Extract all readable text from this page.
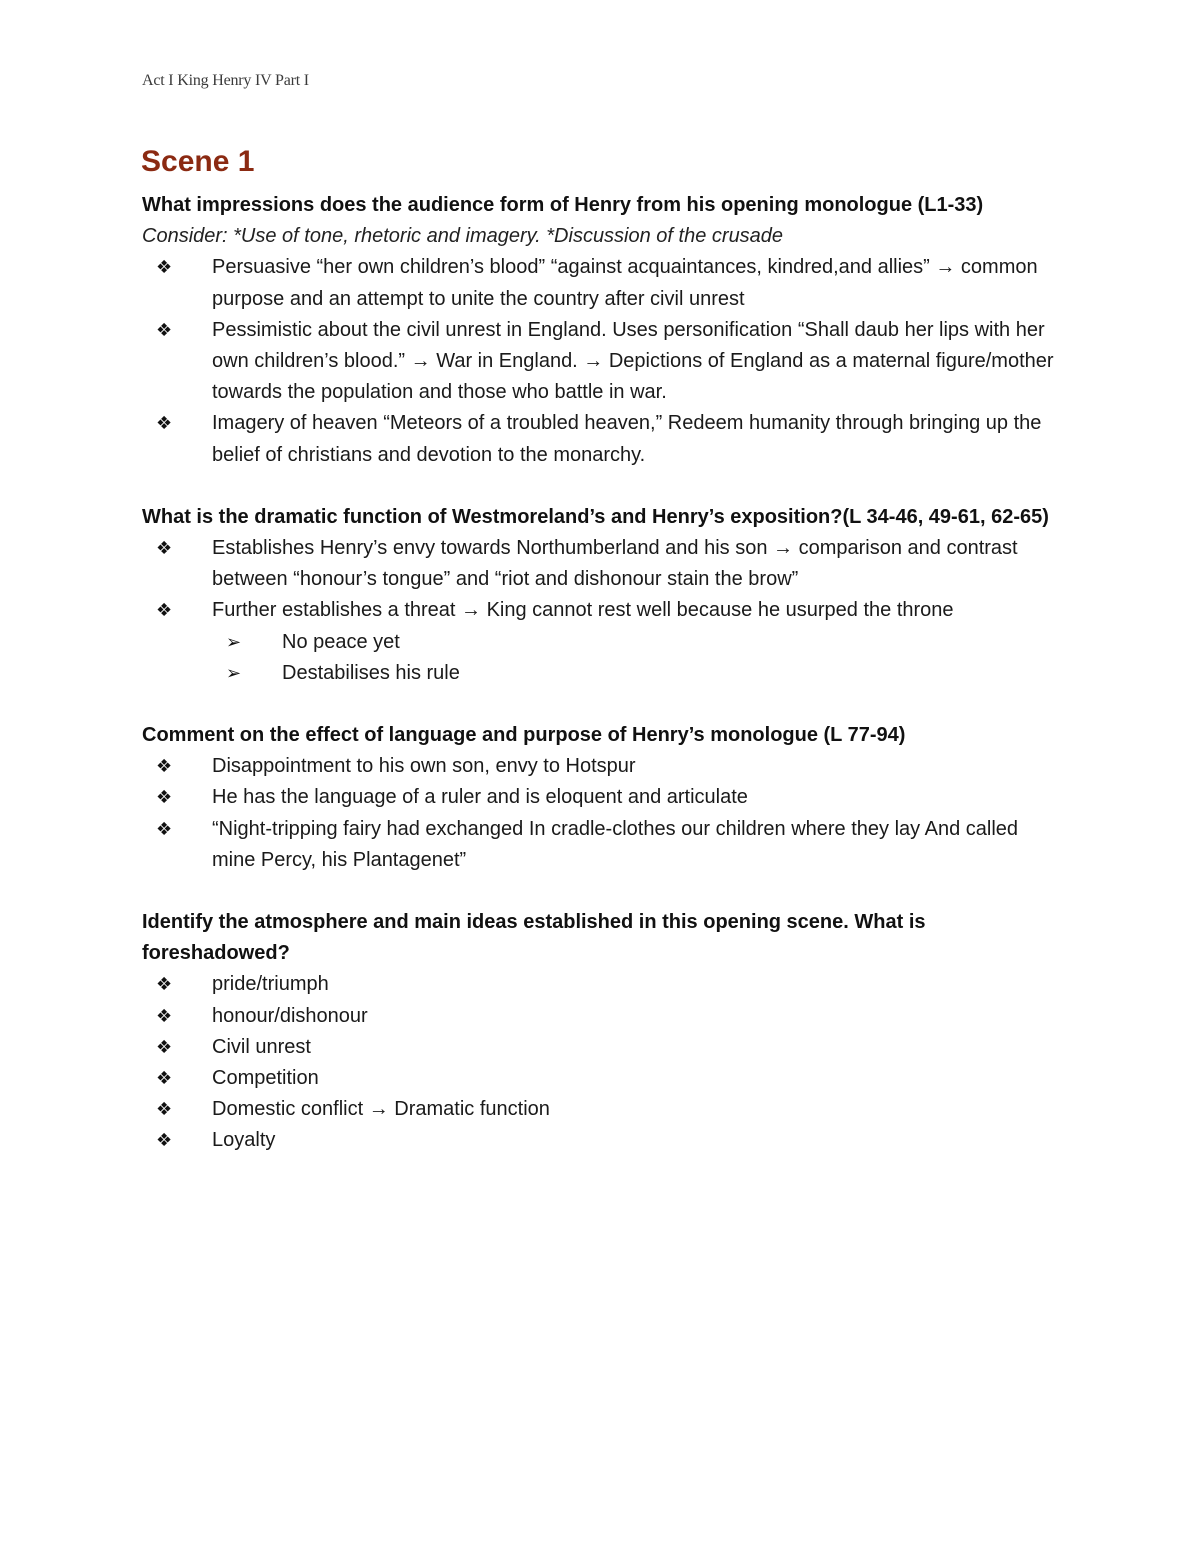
Act I King Henry IV Part I
Scene 1

What impressions does the audience form of Henry from his opening monologue (L1-33)

Consider: *Use of tone, rhetoric and imagery. *Discussion of the crusade

❖ Persuasive “her own children’s blood” “against acquaintances, kindred,and allies” → common purpose and an attempt to unite the country after civil unrest
❖ Pessimistic about the civil unrest in England. Uses personification “Shall daub her lips with her own children’s blood.” → War in England. → Depictions of England as a maternal figure/mother towards the population and those who battle in war.
❖ Imagery of heaven “Meteors of a troubled heaven,” Redeem humanity through bringing up the belief of christians and devotion to the monarchy.

What is the dramatic function of Westmoreland’s and Henry’s exposition?(L 34-46, 49-61, 62-65)

❖ Establishes Henry’s envy towards Northumberland and his son → comparison and contrast between “honour’s tongue” and “riot and dishonour stain the brow”
❖ Further establishes a threat → King cannot rest well because he usurped the throne
➢ No peace yet
➢ Destabilises his rule

Comment on the effect of language and purpose of Henry’s monologue (L 77-94)

❖ Disappointment to his own son, envy to Hotspur
❖ He has the language of a ruler and is eloquent and articulate
❖ “Night-tripping fairy had exchanged In cradle-clothes our children where they lay And called mine Percy, his Plantagenet”

Identify the atmosphere and main ideas established in this opening scene. What is foreshadowed?

❖ pride/triumph
❖ honour/dishonour
❖ Civil unrest
❖ Competition
❖ Domestic conflict → Dramatic function
❖ Loyalty
